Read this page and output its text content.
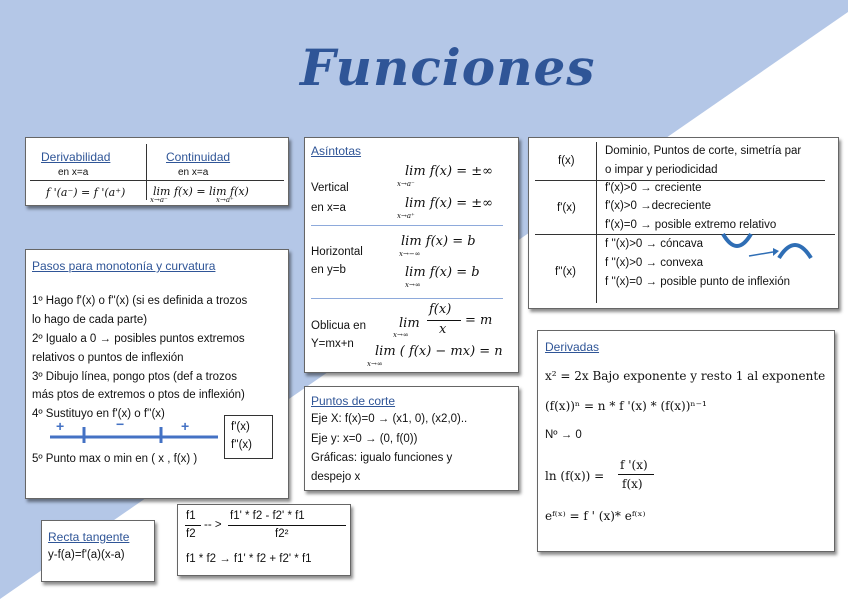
Funciones
Derivabilidad
en x=a
Continuidad
en x=a
f '(a⁻) = f '(a⁺)	lim f(x) = lim f(x)
x→a⁻	x→a⁺
Pasos para monotonía y curvatura
1º Hago f'(x) o f''(x) (si es definida a trozos
lo hago de cada parte)
2º Igualo a 0 → posibles puntos extremos
relativos o puntos de inflexión
3º Dibujo línea, pongo ptos (def a trozos
más ptos de extremos o ptos de inflexión)
4º Sustituyo en f'(x) o f''(x)
+	−	+	f'(x)
f''(x)
5º Punto max o min en ( x , f(x) )
Recta tangente
y-f(a)=f'(a)(x-a)
f1
f2
-- >
f1' * f2 - f2' * f1
f2²
f1 * f2 → f1' * f2 + f2' * f1
Asíntotas
Vertical
en x=a
lim f(x) = ±∞
x→a⁻
lim f(x) = ±∞
x→a⁺
Horizontal
en y=b
lim f(x) = b
x→−∞
lim f(x) = b
x→∞
Oblicua en
Y=mx+n
lim
x→∞
f(x)
x
= m
lim ( f(x) − mx) = n
x→∞
Puntos de corte
Eje X: f(x)=0 → (x1, 0), (x2,0)..
Eje y: x=0 → (0, f(0))
Gráficas: igualo funciones y
despejo x
f(x)
Dominio, Puntos de corte, simetría par
o impar y periodicidad
f'(x)
f'(x)>0 → creciente
f'(x)>0 →decreciente
f'(x)=0 → posible extremo relativo
f''(x)
f ''(x)>0 → cóncava
f ''(x)>0 → convexa
f ''(x)=0 → posible punto de inflexión
Derivadas
x² = 2x Bajo exponente y resto 1 al exponente
(f(x))ⁿ = n * f '(x) * (f(x))ⁿ⁻¹
Nº → 0
ln (f(x)) =
f '(x)
f(x)
eᶠ⁽ˣ⁾ = f ' (x)* eᶠ⁽ˣ⁾
